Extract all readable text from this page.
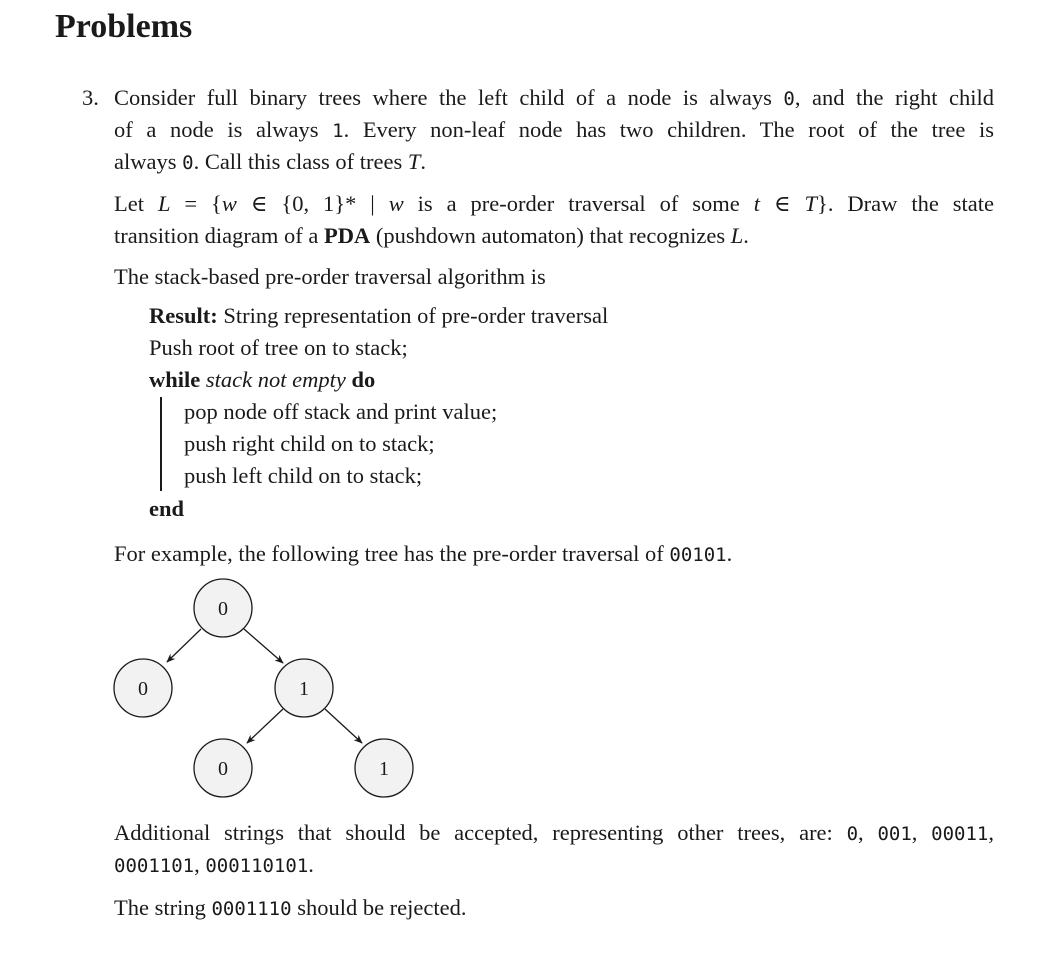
Problems
3. Consider full binary trees where the left child of a node is always 0, and the right child
of a node is always 1. Every non-leaf node has two children. The root of the tree is
always 0. Call this class of trees T.
Let L = {w ∈ {0, 1}* | w is a pre-order traversal of some t ∈ T}. Draw the state
transition diagram of a PDA (pushdown automaton) that recognizes L.
The stack-based pre-order traversal algorithm is
Result: String representation of pre-order traversal
Push root of tree on to stack;
while stack not empty do
pop node off stack and print value;
push right child on to stack;
push left child on to stack;
end
For example, the following tree has the pre-order traversal of 00101.
0
0	1
0	1
Additional strings that should be accepted, representing other trees, are: 0, 001, 00011,
0001101, 000110101.
The string 0001110 should be rejected.
